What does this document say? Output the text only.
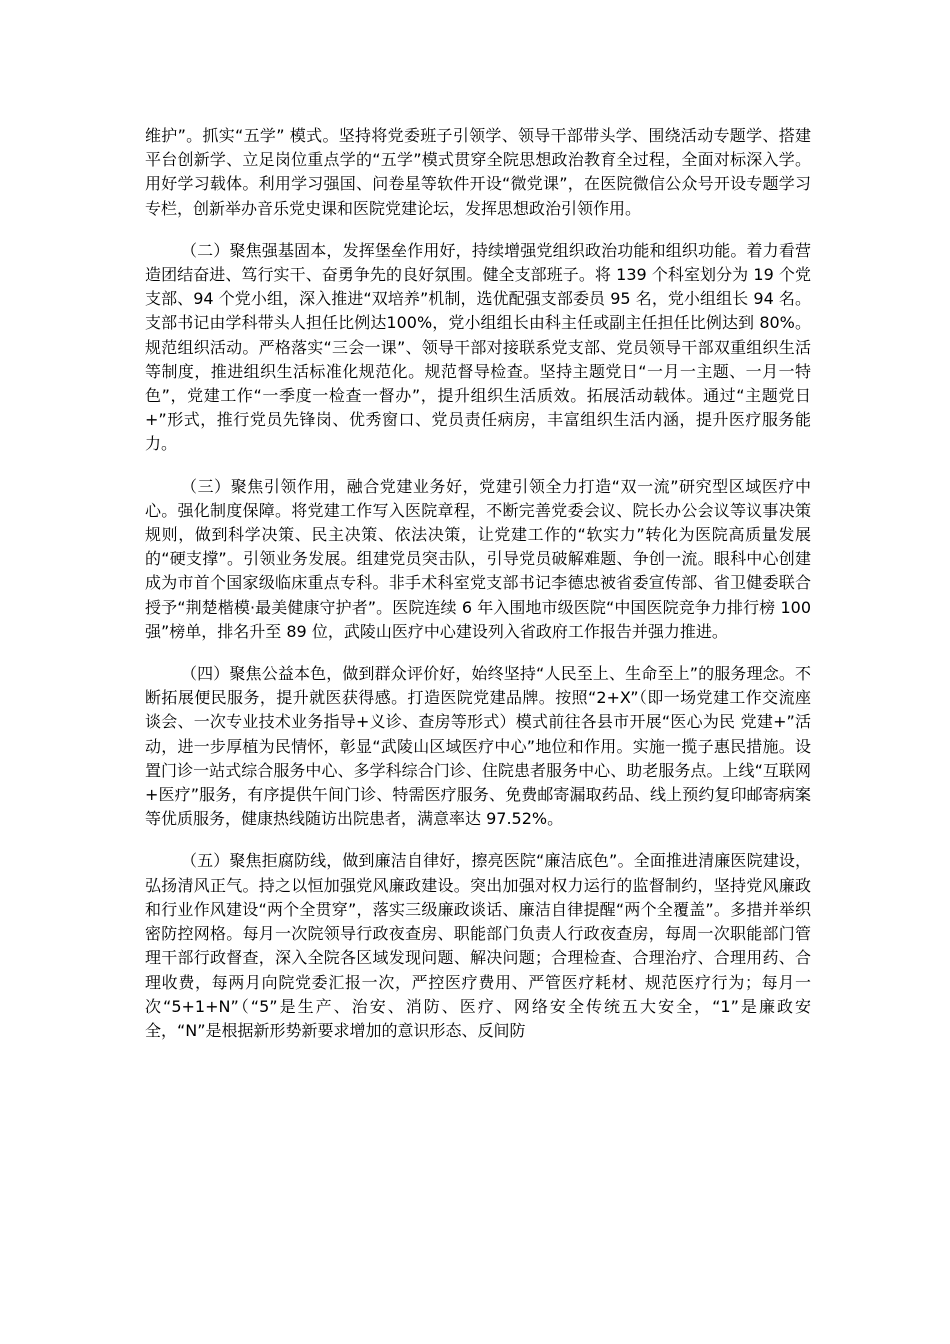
维护”。抓实“五学” 模式。坚持将党委班子引领学、领导干部带头学、围绕活动专题学、搭建平台创新学、立足岗位重点学的“五学”模式贯穿全院思想政治教育全过程，全面对标深入学。用好学习载体。利用学习强国、问卷星等软件开设“微党课”，在医院微信公众号开设专题学习专栏，创新举办音乐党史课和医院党建论坛，发挥思想政治引领作用。

（二）聚焦强基固本，发挥堡垒作用好，持续增强党组织政治功能和组织功能。着力看营造团结奋进、笃行实干、奋勇争先的良好氛围。健全支部班子。将 139 个科室划分为 19 个党支部、94 个党小组，深入推进“双培养”机制，选优配强支部委员 95 名，党小组组长 94 名。支部书记由学科带头人担任比例达100%，党小组组长由科主任或副主任担任比例达到 80%。规范组织活动。严格落实“三会一课”、领导干部对接联系党支部、党员领导干部双重组织生活等制度，推进组织生活标准化规范化。规范督导检查。坚持主题党日“一月一主题、一月一特色”，党建工作“一季度一检查一督办”，提升组织生活质效。拓展活动载体。通过“主题党日+”形式，推行党员先锋岗、优秀窗口、党员责任病房，丰富组织生活内涵，提升医疗服务能力。

（三）聚焦引领作用，融合党建业务好，党建引领全力打造“双一流”研究型区域医疗中心。强化制度保障。将党建工作写入医院章程，不断完善党委会议、院长办公会议等议事决策规则，做到科学决策、民主决策、依法决策，让党建工作的“软实力”转化为医院高质量发展的“硬支撑”。引领业务发展。组建党员突击队，引导党员破解难题、争创一流。眼科中心创建成为市首个国家级临床重点专科。非手术科室党支部书记李德忠被省委宣传部、省卫健委联合授予“荆楚楷模·最美健康守护者”。医院连续 6 年入围地市级医院“中国医院竞争力排行榜 100 强”榜单，排名升至 89 位，武陵山医疗中心建设列入省政府工作报告并强力推进。

（四）聚焦公益本色，做到群众评价好，始终坚持“人民至上、生命至上”的服务理念。不断拓展便民服务，提升就医获得感。打造医院党建品牌。按照“2+X”（即一场党建工作交流座谈会、一次专业技术业务指导+义诊、查房等形式）模式前往各县市开展“医心为民 党建+”活动，进一步厚植为民情怀，彰显“武陵山区域医疗中心”地位和作用。实施一揽子惠民措施。设置门诊一站式综合服务中心、多学科综合门诊、住院患者服务中心、助老服务点。上线“互联网+医疗”服务，有序提供午间门诊、特需医疗服务、免费邮寄漏取药品、线上预约复印邮寄病案等优质服务，健康热线随访出院患者，满意率达 97.52%。

（五）聚焦拒腐防线，做到廉洁自律好，擦亮医院“廉洁底色”。全面推进清廉医院建设，弘扬清风正气。持之以恒加强党风廉政建设。突出加强对权力运行的监督制约，坚持党风廉政和行业作风建设“两个全贯穿”，落实三级廉政谈话、廉洁自律提醒“两个全覆盖”。多措并举织密防控网格。每月一次院领导行政夜查房、职能部门负责人行政夜查房，每周一次职能部门管理干部行政督查，深入全院各区域发现问题、解决问题；合理检查、合理治疗、合理用药、合理收费，每两月向院党委汇报一次，严控医疗费用、严管医疗耗材、规范医疗行为；每月一次“5+1+N”（“5”是生产、治安、消防、医疗、网络安全传统五大安全，“1”是廉政安全，“N”是根据新形势新要求增加的意识形态、反间防
